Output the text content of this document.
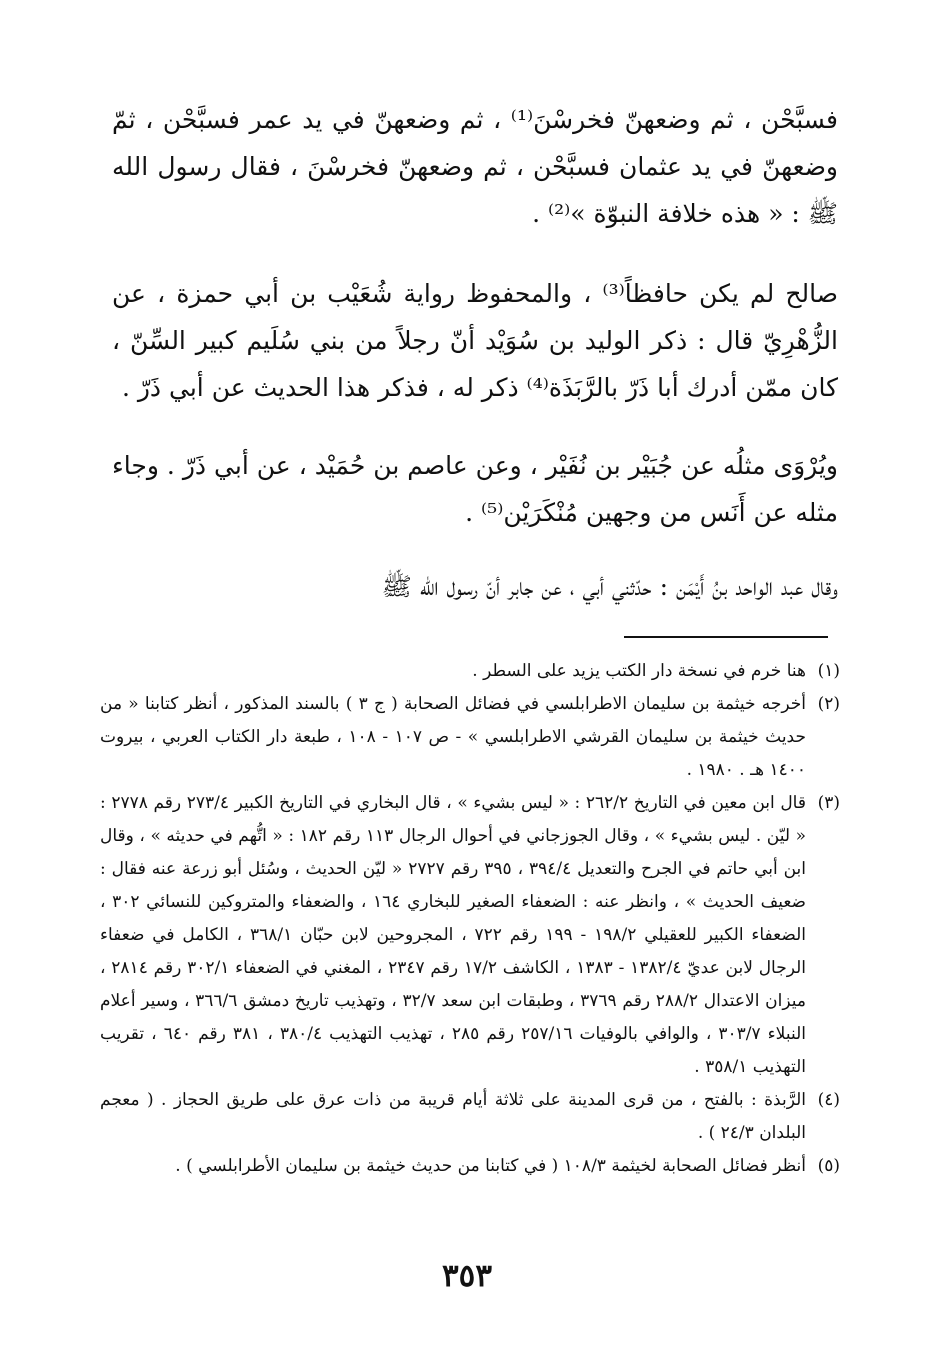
فسبَّحْن ، ثم وضعهنّ فخرسْنَ⁽¹⁾ ، ثم وضعهنّ في يد عمر فسبَّحْن ، ثمّ وضعهنّ في يد عثمان فسبَّحْن ، ثم وضعهنّ فخرسْنَ ، فقال رسول الله ﷺ : « هذه خلافة النبوّة »⁽²⁾ .

صالح لم يكن حافظاً⁽³⁾ ، والمحفوظ رواية شُعَيْب بن أبي حمزة ، عن الزُّهْرِيّ قال : ذكر الوليد بن سُوَيْد أنّ رجلاً من بني سُلَيم كبير السِّنّ ، كان ممّن أدرك أبا ذَرّ بالرَّبَذَة⁽⁴⁾ ذكر له ، فذكر هذا الحديث عن أبي ذَرّ .

ويُرْوَى مثلُه عن جُبَيْر بن نُفَيْر ، وعن عاصم بن حُمَيْد ، عن أبي ذَرّ . وجاء مثله عن أَنَس من وجهين مُنْكَرَيْن⁽⁵⁾ .

وقال عبد الواحد بنُ أَيْمَن : حدّثني أبي ، عن جابر أنّ رسول الله ﷺ

(١)
هنا خرم في نسخة دار الكتب يزيد على السطر .

(٢)
أخرجه خيثمة بن سليمان الاطرابلسي في فضائل الصحابة ( ج ٣ ) بالسند المذكور ، أنظر كتابنا « من حديث خيثمة بن سليمان القرشي الاطرابلسي » - ص ١٠٧ - ١٠٨ ، طبعة دار الكتاب العربي ، بيروت ١٤٠٠ هـ . ١٩٨٠ .

(٣)
قال ابن معين في التاريخ ٢٦٢/٢ : « ليس بشيء » ، قال البخاري في التاريخ الكبير ٢٧٣/٤ رقم ٢٧٧٨ : « ليّن . ليس بشيء » ، وقال الجوزجاني في أحوال الرجال ١١٣ رقم ١٨٢ : « اتُّهم في حديثه » ، وقال ابن أبي حاتم في الجرح والتعديل ٣٩٤/٤ ، ٣٩٥ رقم ٢٧٢٧ « ليّن الحديث ، وسُئل أبو زرعة عنه فقال : ضعيف الحديث » ، وانظر عنه : الضعفاء الصغير للبخاري ١٦٤ ، والضعفاء والمتروكين للنسائي ٣٠٢ ، الضعفاء الكبير للعقيلي ١٩٨/٢ - ١٩٩ رقم ٧٢٢ ، المجروحين لابن حبّان ٣٦٨/١ ، الكامل في ضعفاء الرجال لابن عديّ ١٣٨٢/٤ - ١٣٨٣ ، الكاشف ١٧/٢ رقم ٢٣٤٧ ، المغني في الضعفاء ٣٠٢/١ رقم ٢٨١٤ ، ميزان الاعتدال ٢٨٨/٢ رقم ٣٧٦٩ ، وطبقات ابن سعد ٣٢/٧ ، وتهذيب تاريخ دمشق ٣٦٦/٦ ، وسير أعلام النبلاء ٣٠٣/٧ ، والوافي بالوفيات ٢٥٧/١٦ رقم ٢٨٥ ، تهذيب التهذيب ٣٨٠/٤ ، ٣٨١ رقم ٦٤٠ ، تقريب التهذيب ٣٥٨/١ .

(٤)
الرَّبذة : بالفتح ، من قرى المدينة على ثلاثة أيام قريبة من ذات عرق على طريق الحجاز . ( معجم البلدان ٢٤/٣ ) .

(٥)
أنظر فضائل الصحابة لخيثمة ١٠٨/٣ ( في كتابنا من حديث خيثمة بن سليمان الأطرابلسي ) .

٣٥٣
